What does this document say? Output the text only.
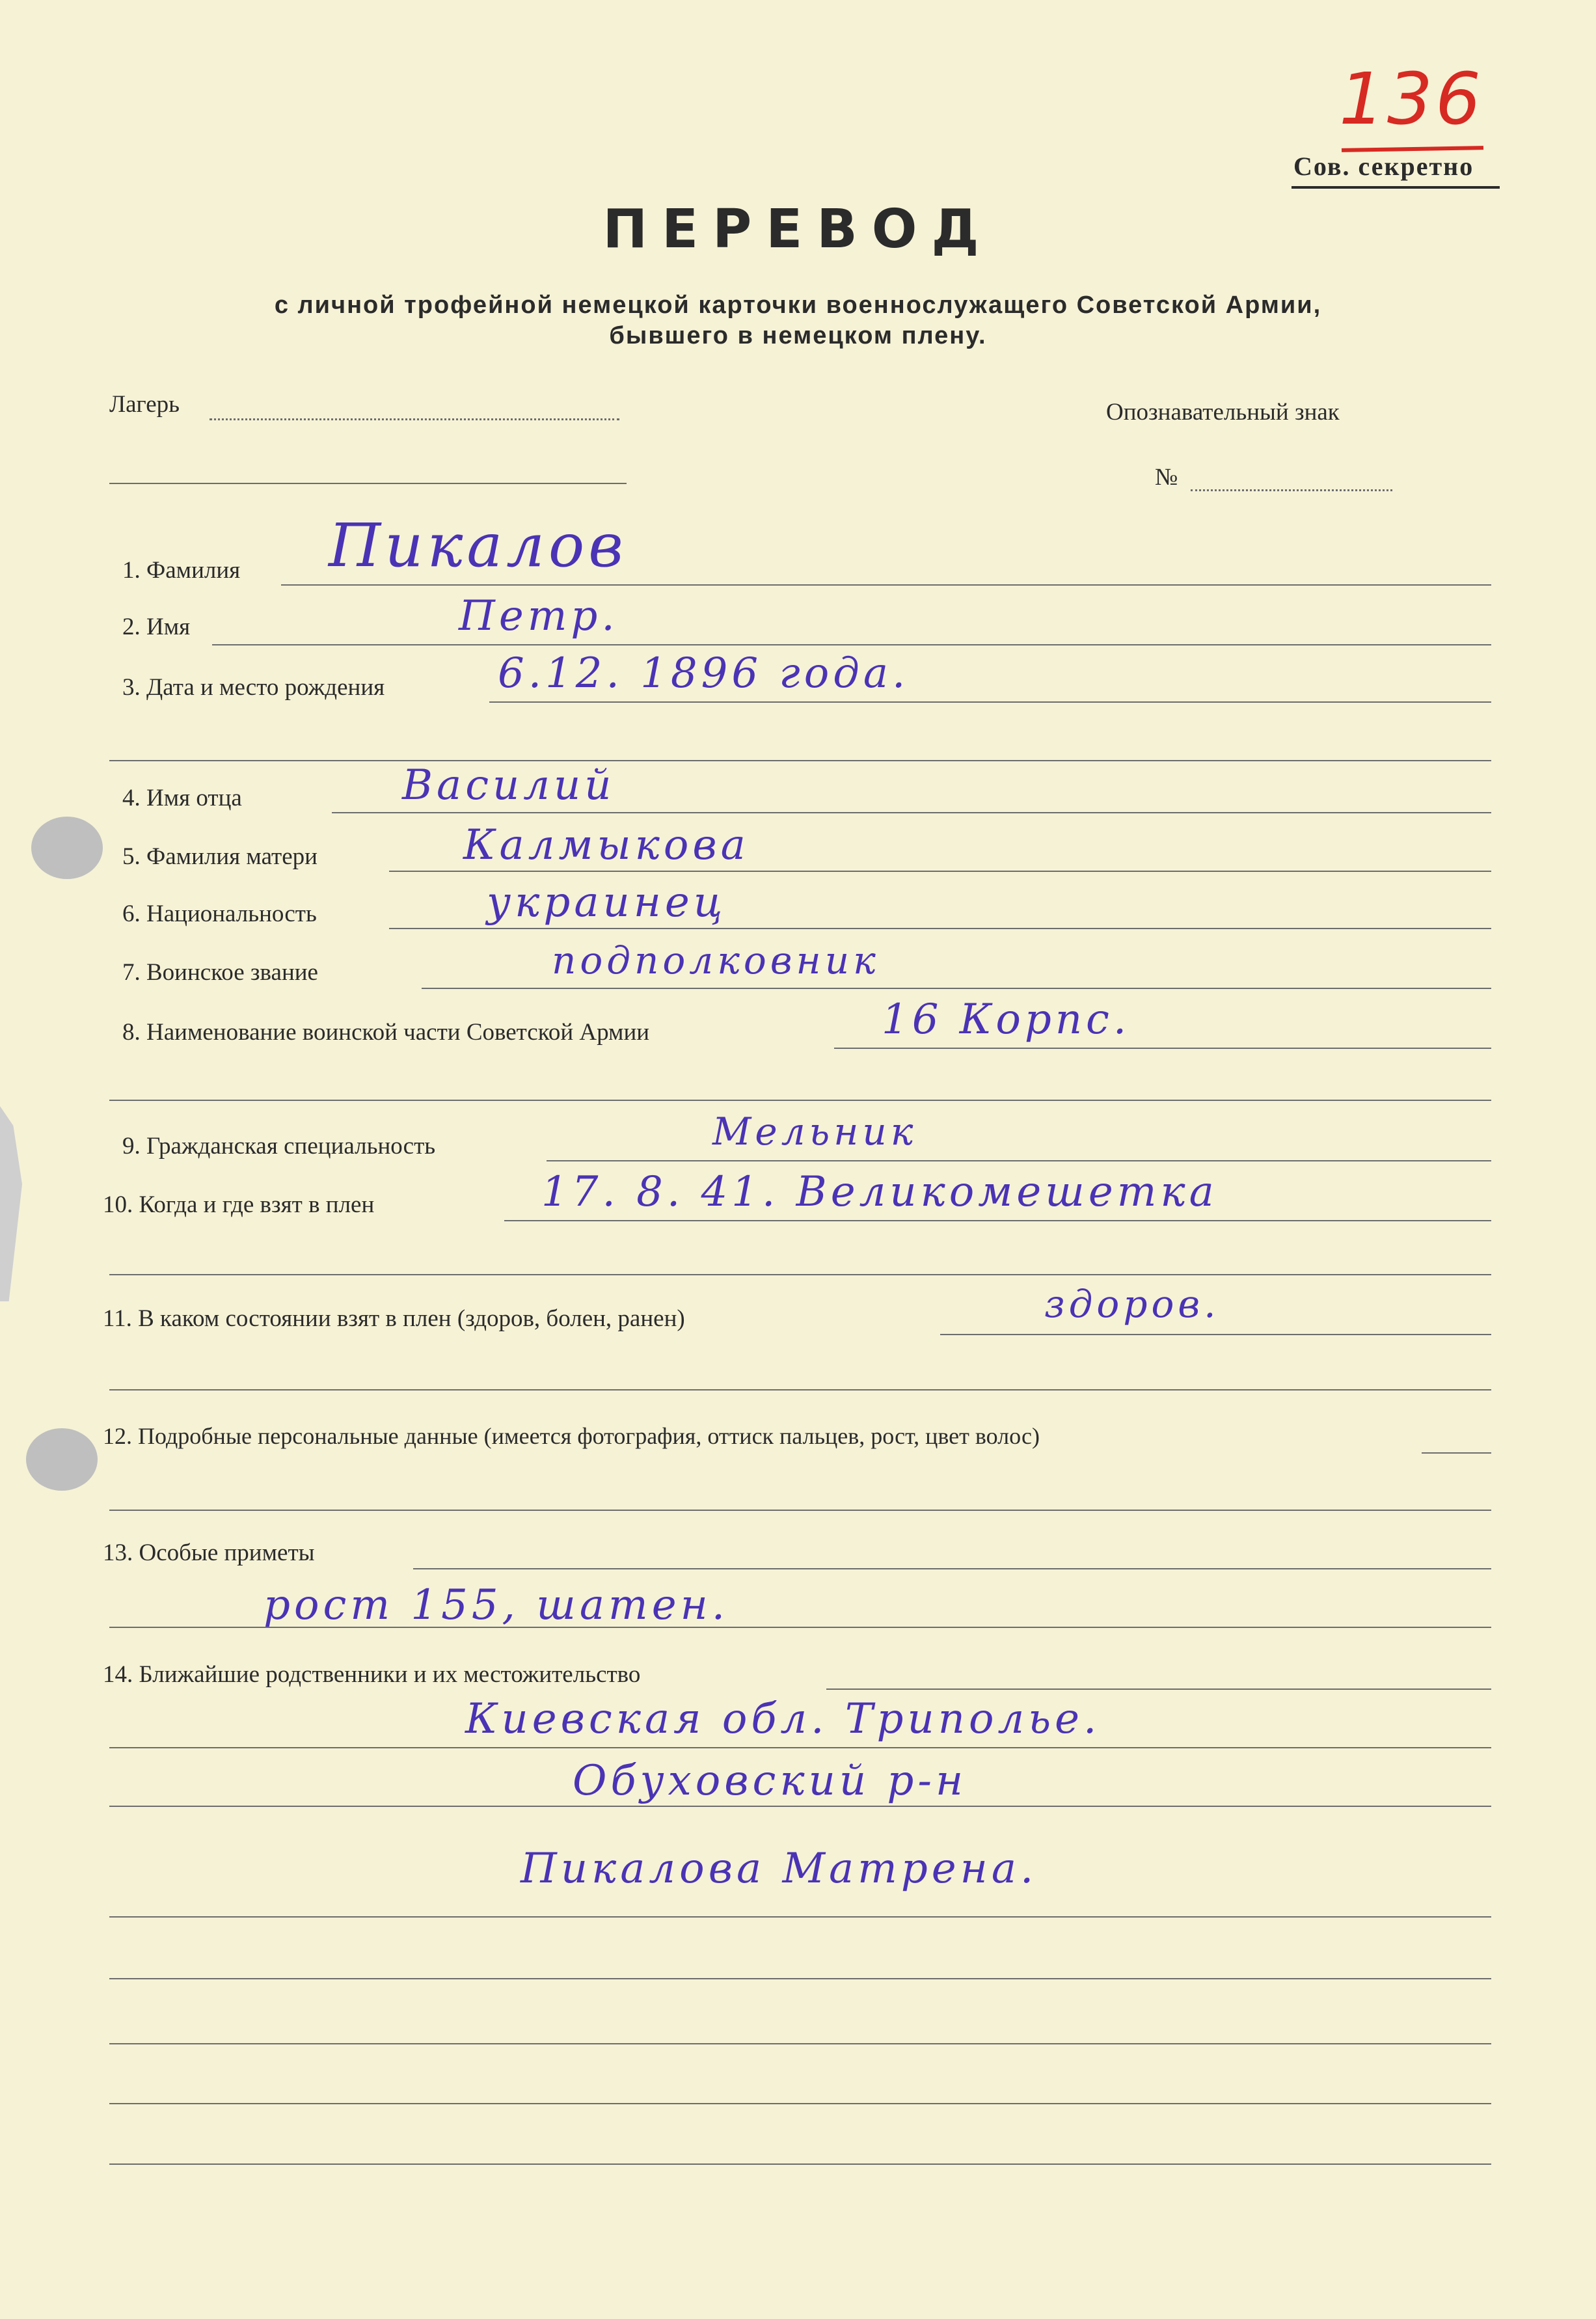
136
Сов. секретно
ПЕРЕВОД
с личной трофейной немецкой карточки военнослужащего Советской Армии,
бывшего в немецком плену.
Лагерь	Опознавательный знак
№
1. Фамилия Пикалов
2. Имя	Петр.
3. Дата и место рождения	6.12. 1896 года.
4. Имя отца	Василий
5. Фамилия матери	Калмыкова
6. Национальность	украинец
7. Воинское звание	подполковник
8. Наименование воинской части Советской Армии	16 Корпс.
9. Гражданская специальность	Мельник
10. Когда и где взят в плен	17. 8. 41. Великомешетка
11. В каком состоянии взят в плен (здоров, болен, ранен)	здоров.
12. Подробные персональные данные (имеется фотография, оттиск пальцев, рост, цвет волос)
13. Особые приметы
рост 155, шатен.
14. Ближайшие родственники и их местожительство
Киевская обл. Триполье.
Обуховский р-н
Пикалова Матрена.
